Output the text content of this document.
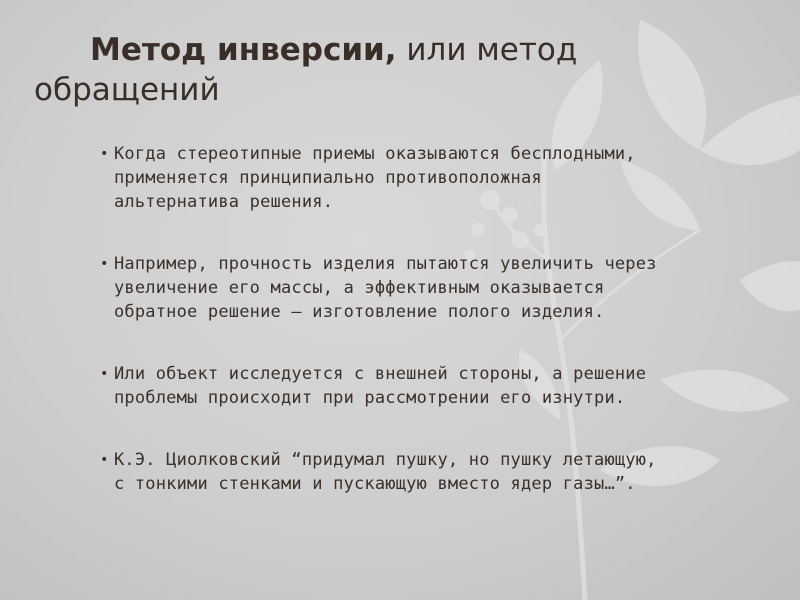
Метод инверсии, или метод
обращений
• Когда стереотипные приемы оказываются бесплодными,
применяется принципиально противоположная
альтернатива решения.
• Например, прочность изделия пытаются увеличить через
увеличение его массы, а эффективным оказывается
обратное решение — изготовление полого изделия.
• Или объект исследуется с внешней стороны, а решение
проблемы происходит при рассмотрении его изнутри.
• К.Э. Циолковский “придумал пушку, но пушку летающую,
с тонкими стенками и пускающую вместо ядер газы…”.
